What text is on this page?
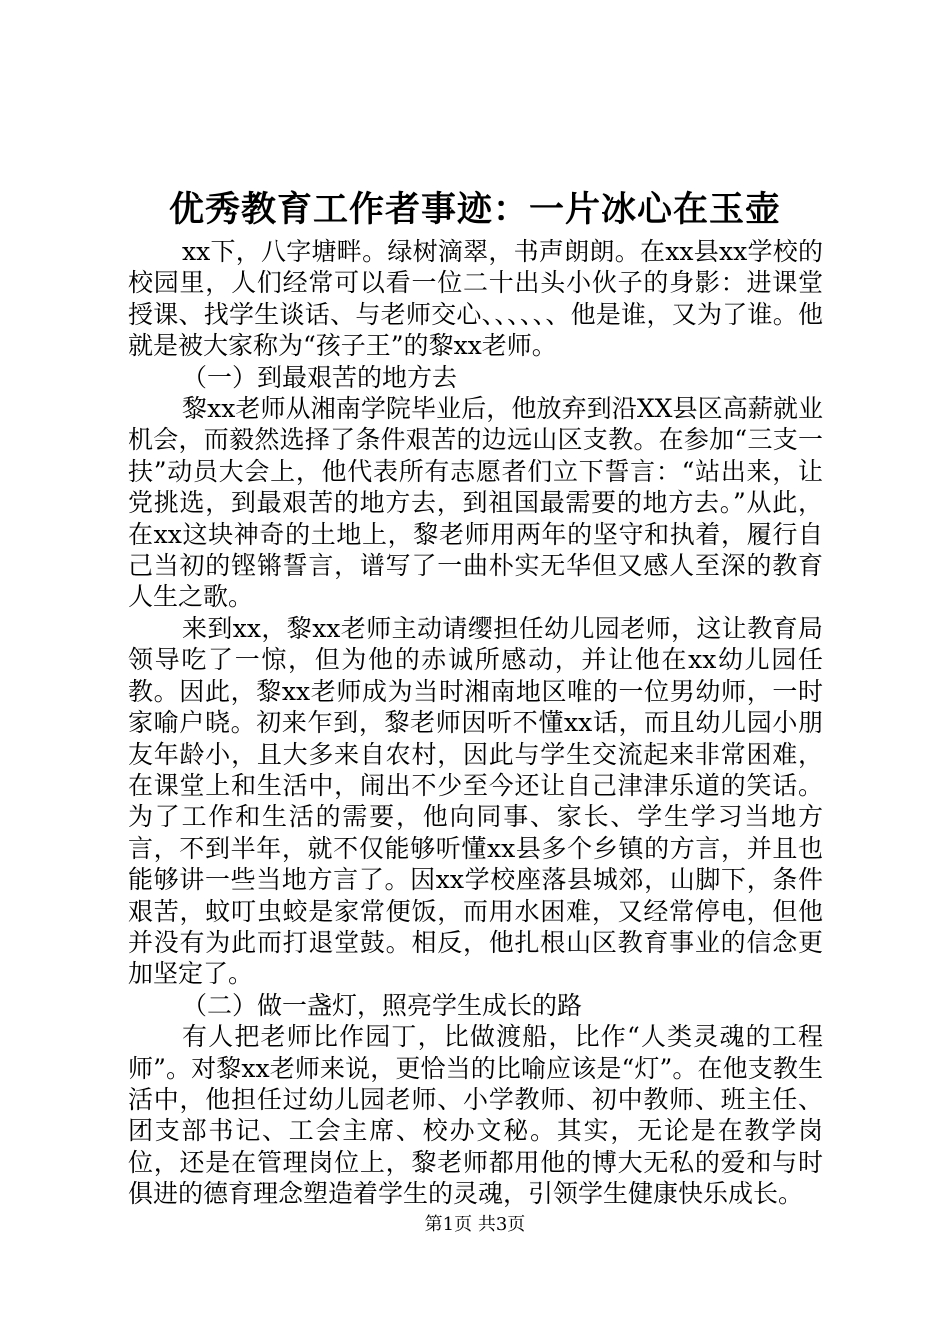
优秀教育工作者事迹：一片冰心在玉壶

xx下，八字塘畔。绿树滴翠，书声朗朗。在xx县xx学校的校园里，人们经常可以看一位二十出头小伙子的身影：进课堂授课、找学生谈话、与老师交心、、、、、、他是谁，又为了谁。他就是被大家称为“孩子王”的黎xx老师。

（一）到最艰苦的地方去

黎xx老师从湘南学院毕业后，他放弃到沿XX县区高薪就业机会，而毅然选择了条件艰苦的边远山区支教。在参加“三支一扶”动员大会上，他代表所有志愿者们立下誓言：“站出来，让党挑选，到最艰苦的地方去，到祖国最需要的地方去。”从此，在xx这块神奇的土地上，黎老师用两年的坚守和执着，履行自己当初的铿锵誓言，谱写了一曲朴实无华但又感人至深的教育人生之歌。

来到xx，黎xx老师主动请缨担任幼儿园老师，这让教育局领导吃了一惊，但为他的赤诚所感动，并让他在xx幼儿园任教。因此，黎xx老师成为当时湘南地区唯的一位男幼师，一时家喻户晓。初来乍到，黎老师因听不懂xx话，而且幼儿园小朋友年龄小，且大多来自农村，因此与学生交流起来非常困难，在课堂上和生活中，闹出不少至今还让自己津津乐道的笑话。为了工作和生活的需要，他向同事、家长、学生学习当地方言，不到半年，就不仅能够听懂xx县多个乡镇的方言，并且也能够讲一些当地方言了。因xx学校座落县城郊，山脚下，条件艰苦，蚊叮虫蛟是家常便饭，而用水困难，又经常停电，但他并没有为此而打退堂鼓。相反，他扎根山区教育事业的信念更加坚定了。

（二）做一盏灯，照亮学生成长的路

有人把老师比作园丁，比做渡船，比作“人类灵魂的工程师”。对黎xx老师来说，更恰当的比喻应该是“灯”。在他支教生活中，他担任过幼儿园老师、小学教师、初中教师、班主任、团支部书记、工会主席、校办文秘。其实，无论是在教学岗位，还是在管理岗位上，黎老师都用他的博大无私的爱和与时俱进的德育理念塑造着学生的灵魂，引领学生健康快乐成长。

第1页 共3页
